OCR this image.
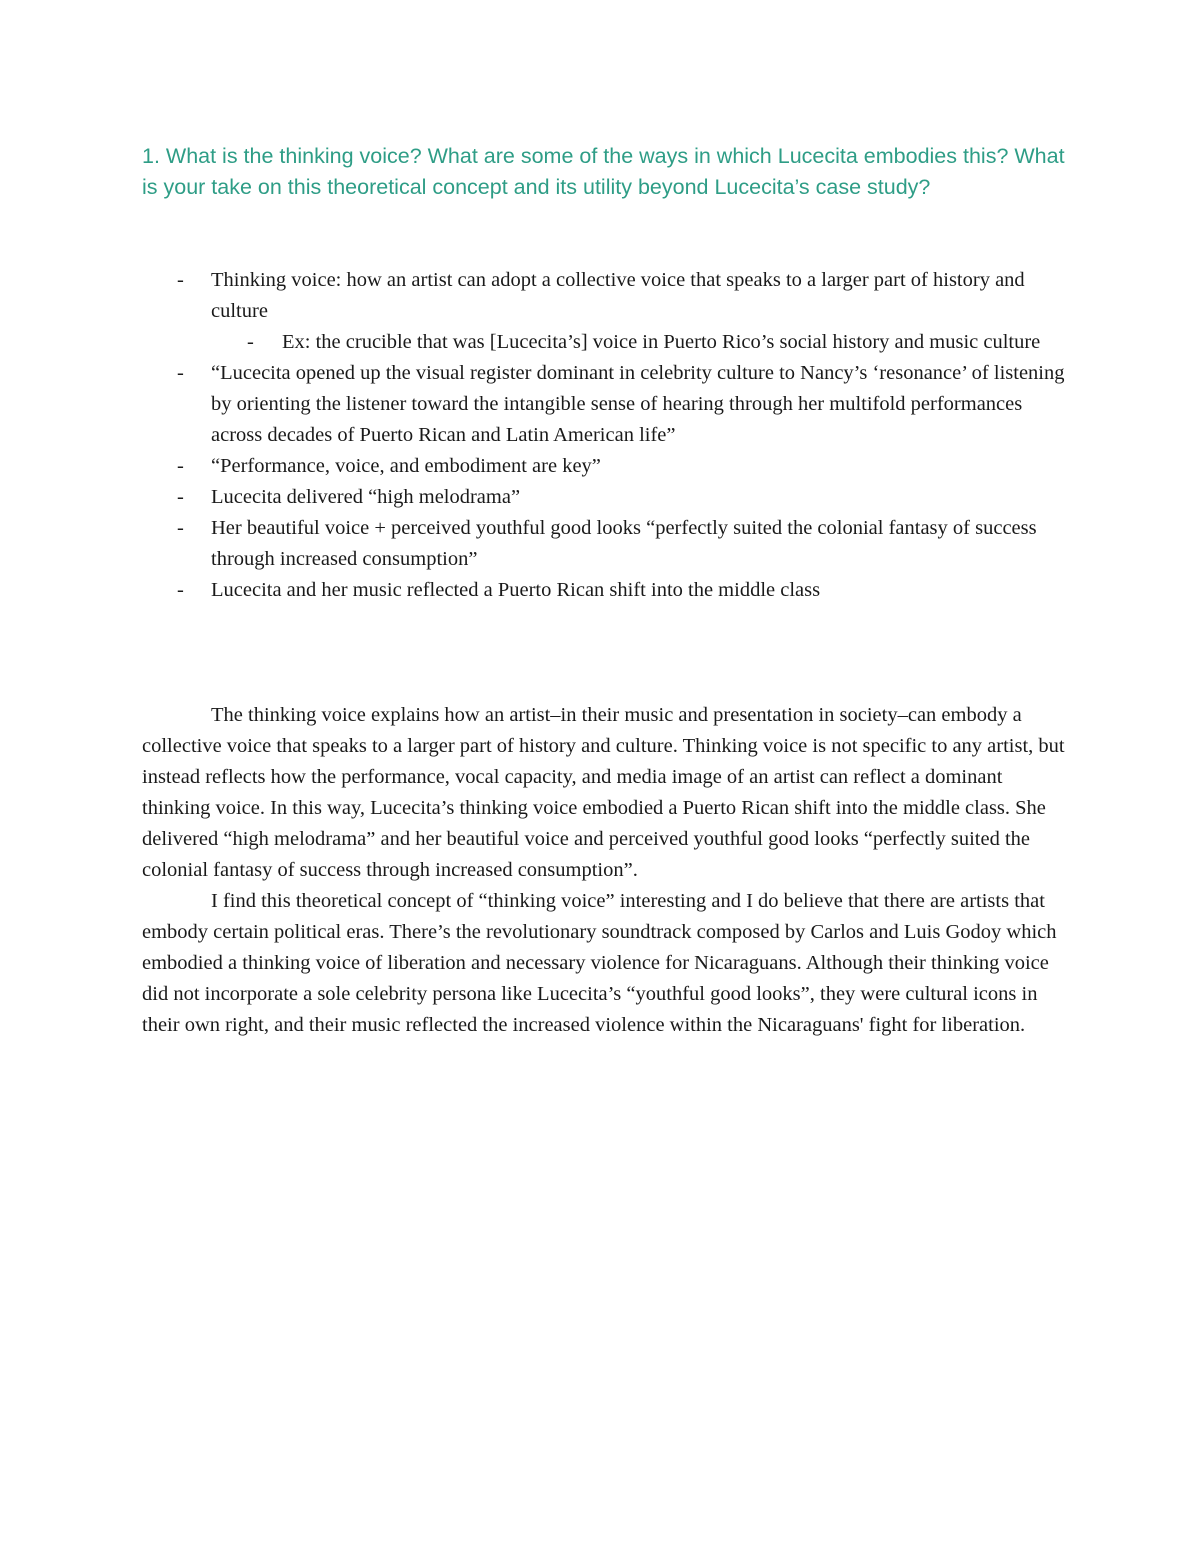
1. What is the thinking voice? What are some of the ways in which Lucecita embodies this? What is your take on this theoretical concept and its utility beyond Lucecita’s case study?
- Thinking voice: how an artist can adopt a collective voice that speaks to a larger part of history and culture
- Ex: the crucible that was [Lucecita’s] voice in Puerto Rico’s social history and music culture
- “Lucecita opened up the visual register dominant in celebrity culture to Nancy’s ‘resonance’ of listening by orienting the listener toward the intangible sense of hearing through her multifold performances across decades of Puerto Rican and Latin American life”
- “Performance, voice, and embodiment are key”
- Lucecita delivered “high melodrama”
- Her beautiful voice + perceived youthful good looks “perfectly suited the colonial fantasy of success through increased consumption”
- Lucecita and her music reflected a Puerto Rican shift into the middle class

The thinking voice explains how an artist–in their music and presentation in society–can embody a collective voice that speaks to a larger part of history and culture. Thinking voice is not specific to any artist, but instead reflects how the performance, vocal capacity, and media image of an artist can reflect a dominant thinking voice. In this way, Lucecita’s thinking voice embodied a Puerto Rican shift into the middle class. She delivered “high melodrama” and her beautiful voice and perceived youthful good looks “perfectly suited the colonial fantasy of success through increased consumption”.

I find this theoretical concept of “thinking voice” interesting and I do believe that there are artists that embody certain political eras. There’s the revolutionary soundtrack composed by Carlos and Luis Godoy which embodied a thinking voice of liberation and necessary violence for Nicaraguans. Although their thinking voice did not incorporate a sole celebrity persona like Lucecita’s “youthful good looks”, they were cultural icons in their own right, and their music reflected the increased violence within the Nicaraguans' fight for liberation.
